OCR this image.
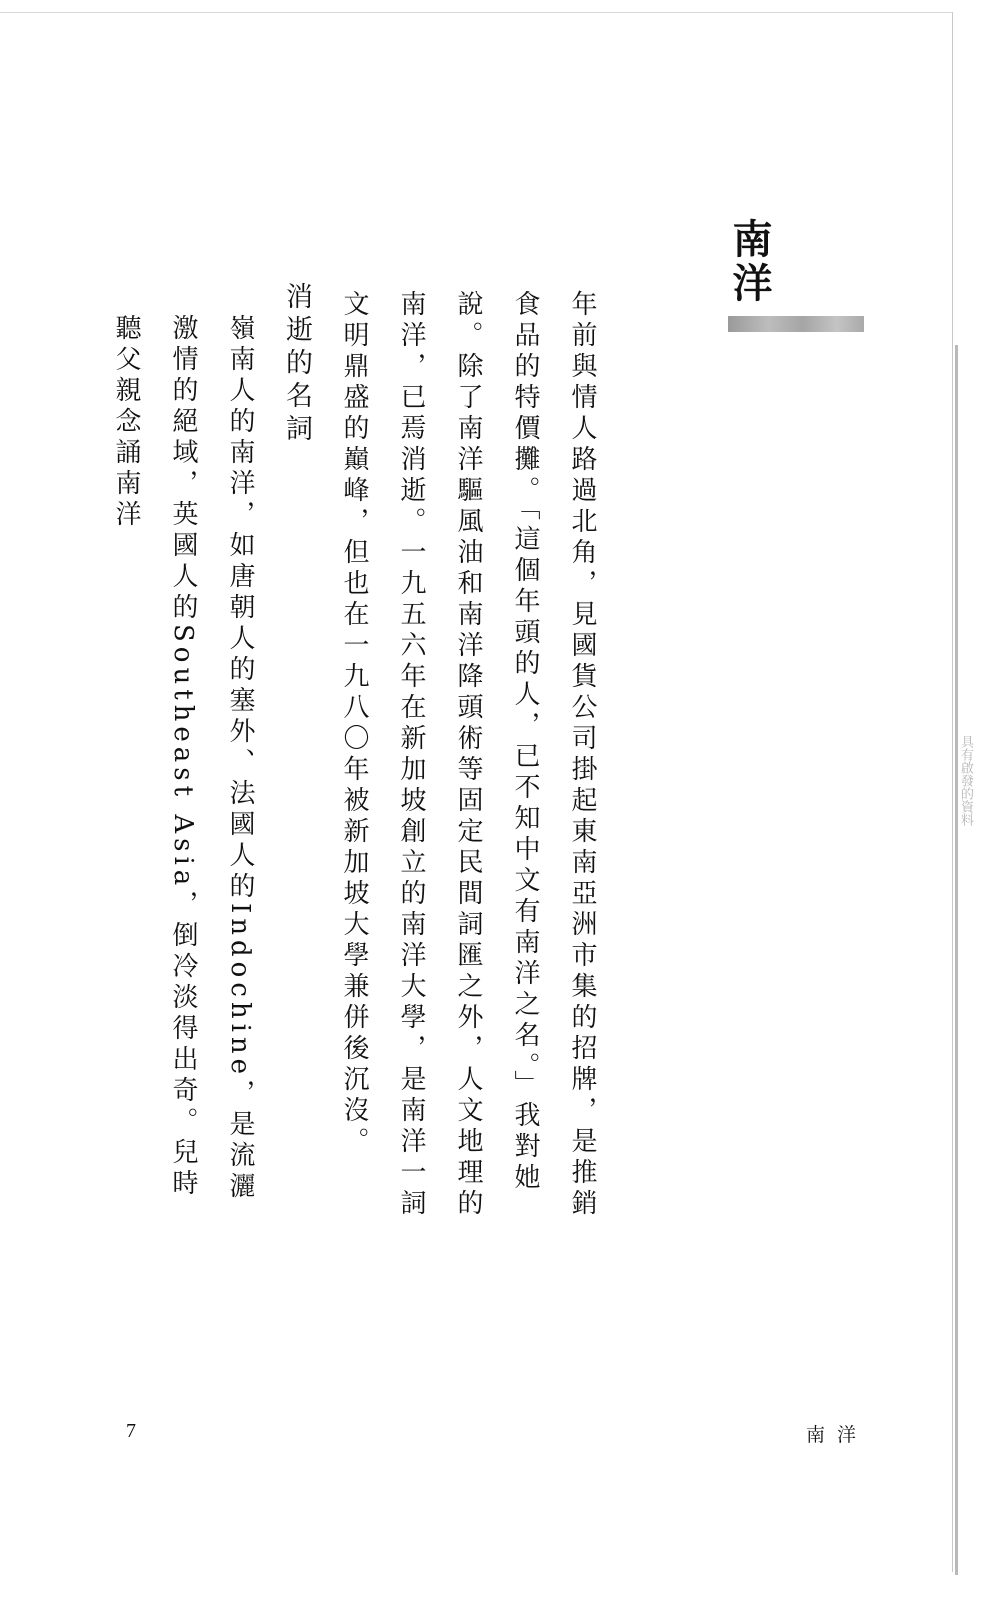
具有啟發的資料
南洋

年前與情人路過北角，見國貨公司掛起東南亞洲市集的招牌，是推銷食品的特價攤。「這個年頭的人，已不知中文有南洋之名。」我對她說。除了南洋驅風油和南洋降頭術等固定民間詞匯之外，人文地理的南洋，已焉消逝。一九五六年在新加坡創立的南洋大學，是南洋一詞文明鼎盛的巔峰，但也在一九八〇年被新加坡大學兼併後沉沒。

消逝的名詞

嶺南人的南洋，如唐朝人的塞外、法國人的Indochine，是流灑激情的絕域，英國人的Southeast Asia，倒冷淡得出奇。兒時聽父親念誦南洋

7	南洋
